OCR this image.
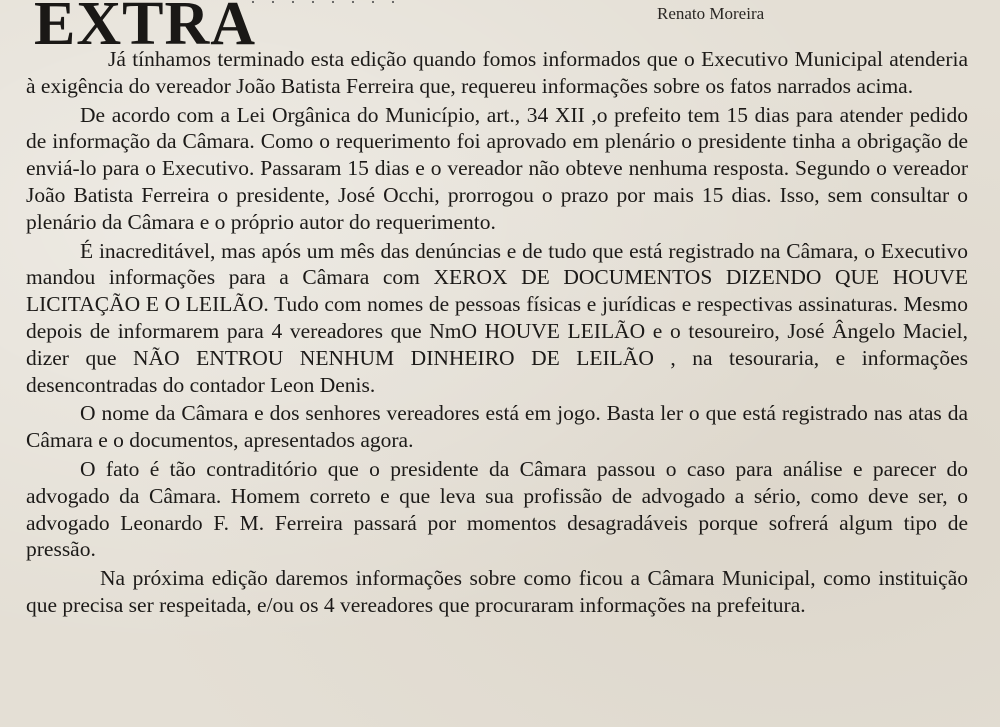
········
EXTRA	Renato Moreira

Já tínhamos terminado esta edição quando fomos informados que o Executivo Municipal atenderia à exigência do vereador João Batista Ferreira que, requereu informações sobre os fatos narrados acima.

De acordo com a Lei Orgânica do Município, art., 34 XII ,o prefeito tem 15 dias para atender pedido de informação da Câmara. Como o requerimento foi aprovado em plenário o presidente tinha a obrigação de enviá-lo para o Executivo. Passaram 15 dias e o vereador não obteve nenhuma resposta. Segundo o vereador João Batista Ferreira o presidente, José Occhi, prorrogou o prazo por mais 15 dias. Isso, sem consultar o plenário da Câmara e o próprio autor do requerimento.

É inacreditável, mas após um mês das denúncias e de tudo que está registrado na Câmara, o Executivo mandou informações para a Câmara com XEROX DE DOCUMENTOS DIZENDO QUE HOUVE LICITAÇÃO E O LEILÃO. Tudo com nomes de pessoas físicas e jurídicas e respectivas assinaturas. Mesmo depois de informarem para 4 vereadores que NmO HOUVE LEILÃO e o tesoureiro, José Ângelo Maciel, dizer que NÃO ENTROU NENHUM DINHEIRO DE LEILÃO , na tesouraria, e informações desencontradas do contador Leon Denis.

O nome da Câmara e dos senhores vereadores está em jogo. Basta ler o que está registrado nas atas da Câmara e o documentos, apresentados agora.

O fato é tão contraditório que o presidente da Câmara passou o caso para análise e parecer do advogado da Câmara. Homem correto e que leva sua profissão de advogado a sério, como deve ser, o advogado Leonardo F. M. Ferreira passará por momentos desagradáveis porque sofrerá algum tipo de pressão.

Na próxima edição daremos informações sobre como ficou a Câmara Municipal, como instituição que precisa ser respeitada, e/ou os 4 vereadores que procuraram informações na prefeitura.
